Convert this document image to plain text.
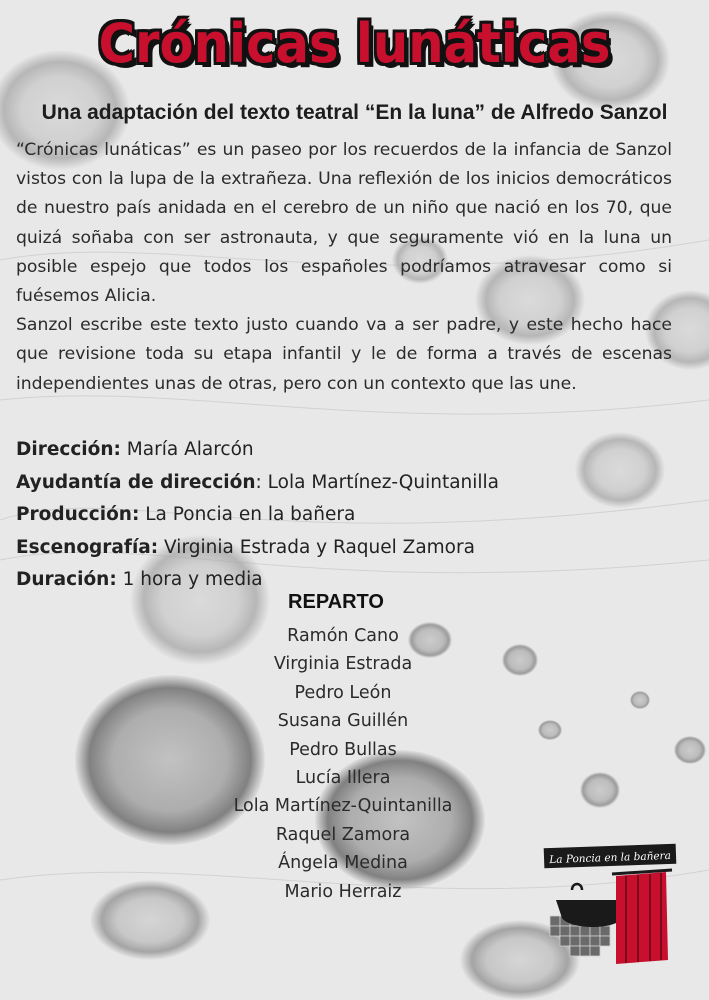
Crónicas lunáticas
Una adaptación del texto teatral “En la luna” de Alfredo Sanzol

“Crónicas lunáticas” es un paseo por los recuerdos de la infancia de Sanzol vistos con la lupa de la extrañeza. Una reflexión de los inicios democráticos de nuestro país anidada en el cerebro de un niño que nació en los 70, que quizá soñaba con ser astronauta, y que seguramente vió en la luna un posible espejo que todos los españoles podríamos atravesar como si fuésemos Alicia.

Sanzol escribe este texto justo cuando va a ser padre, y este hecho hace que revisione toda su etapa infantil y le de forma a través de escenas independientes unas de otras, pero con un contexto que las une.

Dirección: María Alarcón
Ayudantía de dirección: Lola Martínez-Quintanilla
Producción: La Poncia en la bañera
Escenografía: Virginia Estrada y Raquel Zamora
Duración: 1 hora y media
REPARTO
Ramón Cano
Virginia Estrada
Pedro León
Susana Guillén
Pedro Bullas
Lucía Illera
Lola Martínez-Quintanilla
Raquel Zamora
Ángela Medina
Mario Herraiz
La Poncia en la bañera
